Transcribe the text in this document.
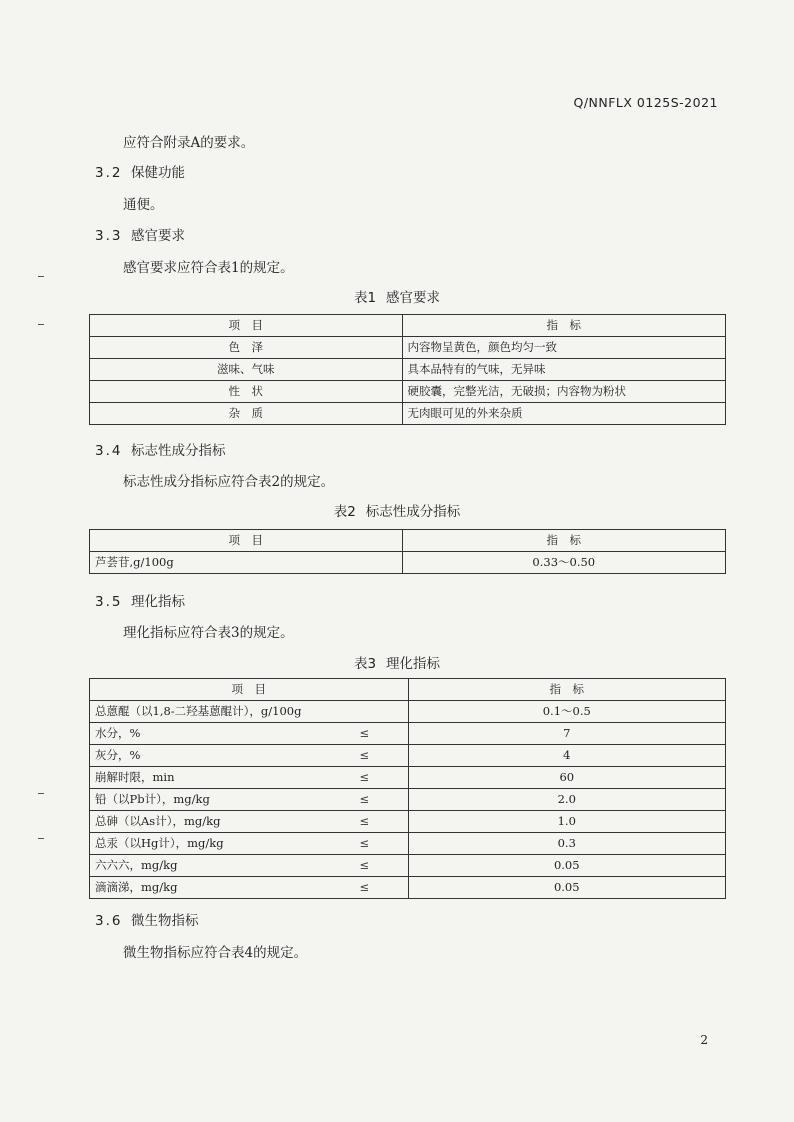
Q/NNFLX 0125S-2021
应符合附录A的要求。
3.2 保健功能
通便。
3.3 感官要求
感官要求应符合表1的规定。
表1 感官要求
项　目	指　标
色　泽	内容物呈黄色，颜色均匀一致
滋味、气味	具本品特有的气味，无异味
性　状	硬胶囊，完整光洁，无破损；内容物为粉状
杂　质	无肉眼可见的外来杂质
3.4 标志性成分指标
标志性成分指标应符合表2的规定。
表2 标志性成分指标
项　目	指　标
芦荟苷,g/100g	0.33～0.50
3.5 理化指标
理化指标应符合表3的规定。
表3 理化指标
项　目		指　标
总蒽醌（以1,8-二羟基蒽醌计），g/100g		0.1～0.5
水分，%	≤	7
灰分，%	≤	4
崩解时限，min	≤	60
铅（以Pb计），mg/kg	≤	2.0
总砷（以As计），mg/kg	≤	1.0
总汞（以Hg计），mg/kg	≤	0.3
六六六，mg/kg	≤	0.05
滴滴涕，mg/kg	≤	0.05
3.6 微生物指标
微生物指标应符合表4的规定。
2
